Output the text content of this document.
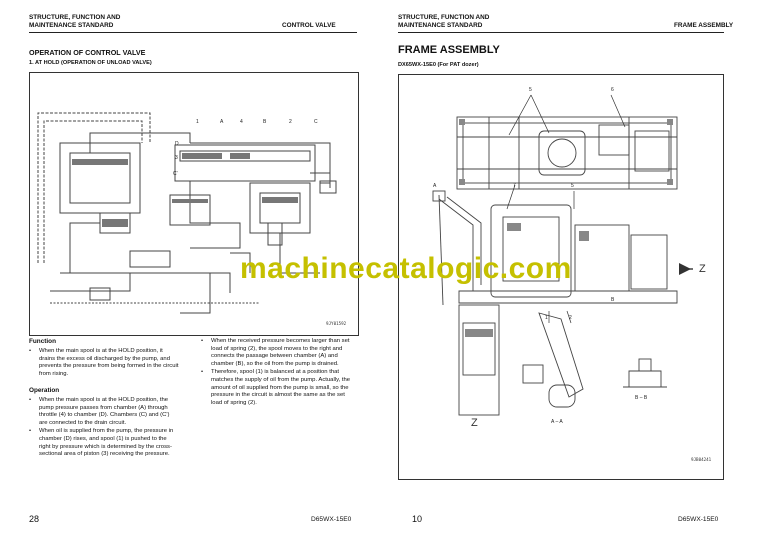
STRUCTURE, FUNCTION AND
MAINTENANCE STANDARD	CONTROL VALVE
OPERATION OF CONTROL VALVE
1. AT HOLD (OPERATION OF UNLOAD VALVE)
1	A	4	B	2	C
D
3
C'
9JY01592
Function
• When the main spool is at the HOLD position, it drains the excess oil discharged by the pump, and prevents the pressure from being formed in the circuit from rising.
Operation
• When the main spool is at the HOLD position, the pump pressure passes from chamber (A) through throttle (4) to chamber (D). Chambers (C) and (C') are connected to the drain circuit.
• When oil is supplied from the pump, the pressure in chamber (D) rises, and spool (1) is pushed to the right by pressure which is determined by the cross-sectional area of piston (3) receiving the pressure.
• When the received pressure becomes larger than set load of spring (2), the spool moves to the right and connects the passage between chamber (A) and chamber (B), so the oil from the pump is drained.
• Therefore, spool (1) is balanced at a position that matches the supply of oil from the pump. Actually, the amount of oil supplied from the pump is small, so the pressure in the circuit is almost the same as the set load of spring (2).
28	D65WX-15E0
STRUCTURE, FUNCTION AND
MAINTENANCE STANDARD	FRAME ASSEMBLY
FRAME ASSEMBLY
DX65WX-15E0 (For PAT dozer)
5	6
7	5
A
B
1	2
Z
A – A
B – B
Z
9JB04241
10	D65WX-15E0
machinecatalogic.com
